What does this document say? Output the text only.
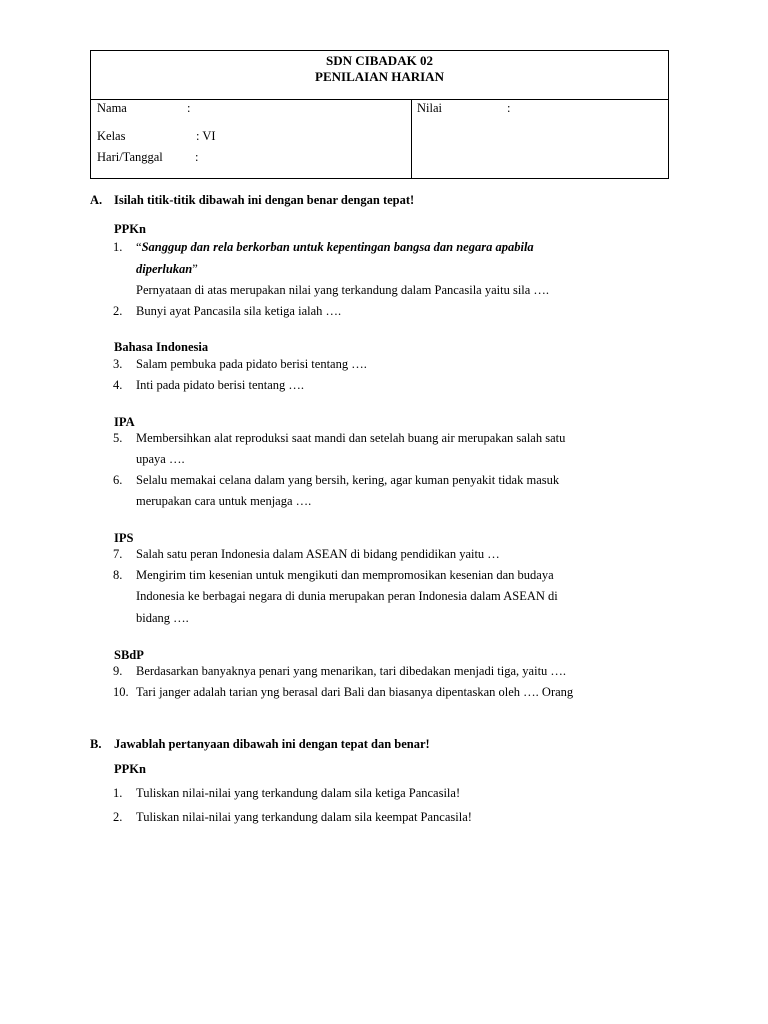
SDN CIBADAK 02
PENILAIAN HARIAN
Nama	:
Kelas	: VI
Hari/Tanggal	:
Nilai	:
A. Isilah titik-titik dibawah ini dengan benar dengan tepat!
PPKn
1. “Sanggup dan rela berkorban untuk kepentingan bangsa dan negara apabila
diperlukan”
Pernyataan di atas merupakan nilai yang terkandung dalam Pancasila yaitu sila ….
2. Bunyi ayat Pancasila sila ketiga ialah ….
Bahasa Indonesia
3. Salam pembuka pada pidato berisi tentang ….
4. Inti pada pidato berisi tentang ….
IPA
5. Membersihkan alat reproduksi saat mandi dan setelah buang air merupakan salah satu
upaya ….
6. Selalu memakai celana dalam yang bersih, kering, agar kuman penyakit tidak masuk
merupakan cara untuk menjaga ….
IPS
7. Salah satu peran Indonesia dalam ASEAN di bidang pendidikan yaitu …
8. Mengirim tim kesenian untuk mengikuti dan mempromosikan kesenian dan budaya
Indonesia ke berbagai negara di dunia merupakan peran Indonesia dalam ASEAN di
bidang ….
SBdP
9. Berdasarkan banyaknya penari yang menarikan, tari dibedakan menjadi tiga, yaitu ….
10. Tari janger adalah tarian yng berasal dari Bali dan biasanya dipentaskan oleh …. Orang
B. Jawablah pertanyaan dibawah ini dengan tepat dan benar!
PPKn
1. Tuliskan nilai-nilai yang terkandung dalam sila ketiga Pancasila!
2. Tuliskan nilai-nilai yang terkandung dalam sila keempat Pancasila!
